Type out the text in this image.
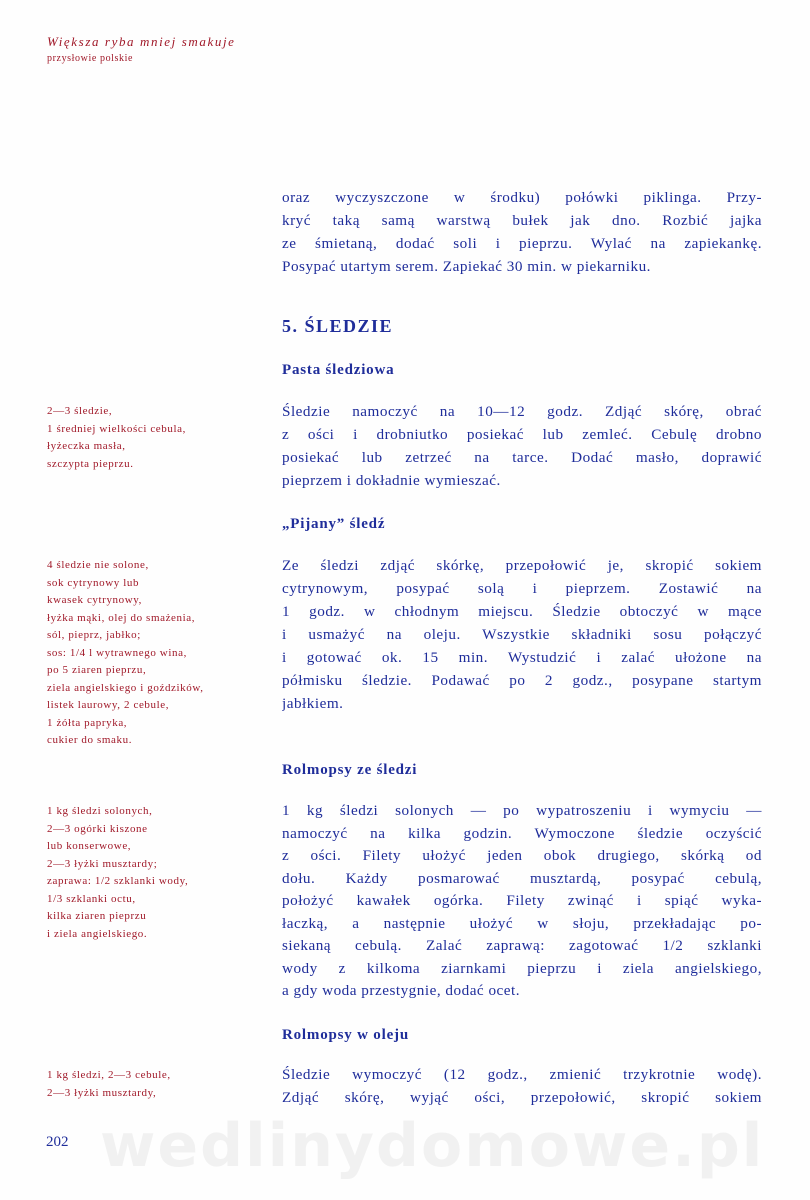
Większa ryba mniej smakuje
przysłowie polskie
oraz wyczyszczone w środku) połówki piklinga. Przy-
kryć taką samą warstwą bułek jak dno. Rozbić jajka
ze śmietaną, dodać soli i pieprzu. Wylać na zapiekankę.
Posypać utartym serem. Zapiekać 30 min. w piekarniku.
5. ŚLEDZIE
Pasta śledziowa
2—3 śledzie,
1 średniej wielkości cebula,
łyżeczka masła,
szczypta pieprzu.
Śledzie namoczyć na 10—12 godz. Zdjąć skórę, obrać
z ości i drobniutko posiekać lub zemleć. Cebulę drobno
posiekać lub zetrzeć na tarce. Dodać masło, doprawić
pieprzem i dokładnie wymieszać.
„Pijany” śledź
4 śledzie nie solone,
sok cytrynowy lub
kwasek cytrynowy,
łyżka mąki, olej do smażenia,
sól, pieprz, jabłko;
sos: 1/4 l wytrawnego wina,
po 5 ziaren pieprzu,
ziela angielskiego i goździków,
listek laurowy, 2 cebule,
1 żółta papryka,
cukier do smaku.
Ze śledzi zdjąć skórkę, przepołowić je, skropić sokiem
cytrynowym, posypać solą i pieprzem. Zostawić na
1 godz. w chłodnym miejscu. Śledzie obtoczyć w mące
i usmażyć na oleju. Wszystkie składniki sosu połączyć
i gotować ok. 15 min. Wystudzić i zalać ułożone na
półmisku śledzie. Podawać po 2 godz., posypane startym
jabłkiem.
Rolmopsy ze śledzi
1 kg śledzi solonych,
2—3 ogórki kiszone
lub konserwowe,
2—3 łyżki musztardy;
zaprawa: 1/2 szklanki wody,
1/3 szklanki octu,
kilka ziaren pieprzu
i ziela angielskiego.
1 kg śledzi solonych — po wypatroszeniu i wymyciu —
namoczyć na kilka godzin. Wymoczone śledzie oczyścić
z ości. Filety ułożyć jeden obok drugiego, skórką od
dołu. Każdy posmarować musztardą, posypać cebulą,
położyć kawałek ogórka. Filety zwinąć i spiąć wyka-
łaczką, a następnie ułożyć w słoju, przekładając po-
siekaną cebulą. Zalać zaprawą: zagotować 1/2 szklanki
wody z kilkoma ziarnkami pieprzu i ziela angielskiego,
a gdy woda przestygnie, dodać ocet.
Rolmopsy w oleju
1 kg śledzi, 2—3 cebule,
2—3 łyżki musztardy,
Śledzie wymoczyć (12 godz., zmienić trzykrotnie wodę).
Zdjąć skórę, wyjąć ości, przepołowić, skropić sokiem
wedlinydomowe.pl
202
